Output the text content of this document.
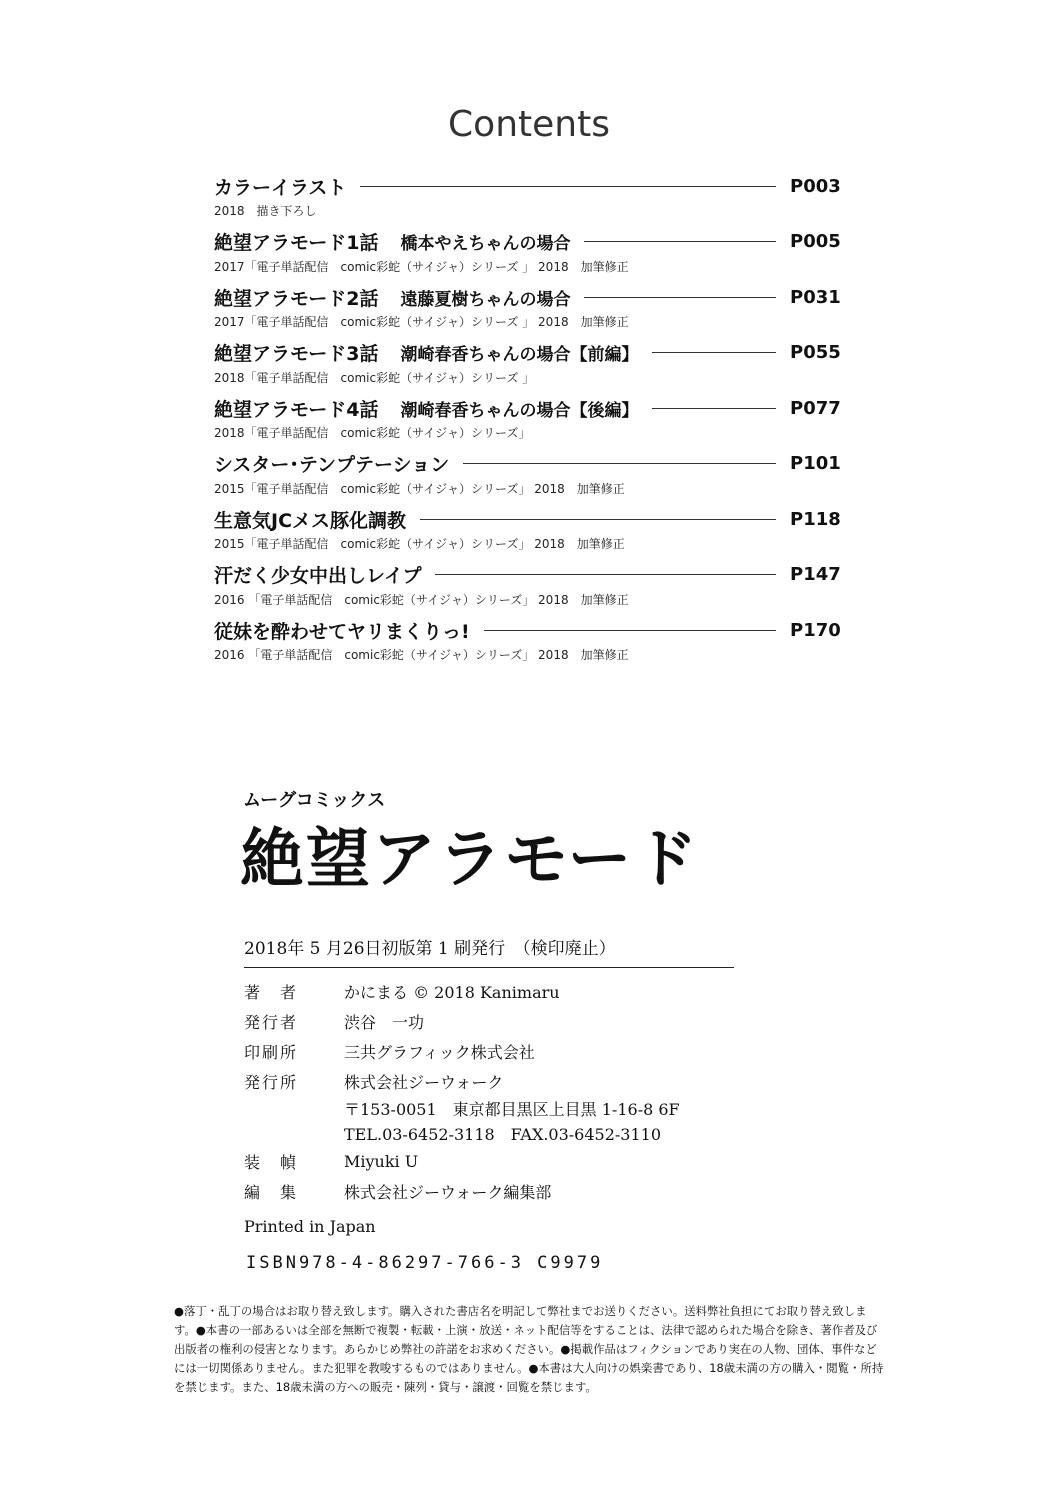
Contents
カラーイラスト	P003
2018　描き下ろし
絶望アラモード1話 橋本やえちゃんの場合	P005
2017「電子単話配信　comic彩蛇（サイジャ）シリーズ 」 2018　加筆修正
絶望アラモード2話 遠藤夏樹ちゃんの場合	P031
2017「電子単話配信　comic彩蛇（サイジャ）シリーズ 」 2018　加筆修正
絶望アラモード3話 潮崎春香ちゃんの場合【前編】	P055
2018「電子単話配信　comic彩蛇（サイジャ）シリーズ 」
絶望アラモード4話 潮崎春香ちゃんの場合【後編】	P077
2018「電子単話配信　comic彩蛇（サイジャ）シリーズ」
シスター･テンプテーション	P101
2015「電子単話配信　comic彩蛇（サイジャ）シリーズ」 2018　加筆修正
生意気JCメス豚化調教	P118
2015「電子単話配信　comic彩蛇（サイジャ）シリーズ」 2018　加筆修正
汗だく少女中出しレイプ	P147
2016 「電子単話配信　comic彩蛇（サイジャ）シリーズ」 2018　加筆修正
従妹を酔わせてヤリまくりっ!	P170
2016 「電子単話配信　comic彩蛇（サイジャ）シリーズ」 2018　加筆修正
ムーグコミックス
絶望アラモード
2018年 5 月26日初版第 1 刷発行　（検印廃止）
著　者	かにまる © 2018 Kanimaru
発行者	渋谷　一功
印刷所	三共グラフィック株式会社
発行所	株式会社ジーウォーク
〒153-0051　東京都目黒区上目黒 1-16-8 6F
TEL.03-6452-3118　FAX.03-6452-3110
装　幀	Miyuki U
編　集	株式会社ジーウォーク編集部
Printed in Japan
ISBN978-4-86297-766-3 C9979
●落丁・乱丁の場合はお取り替え致します。購入された書店名を明記して弊社までお送りください。送料弊社負担にてお取り替え致します。●本書の一部あるいは全部を無断で複製・転載・上演・放送・ネット配信等をすることは、法律で認められた場合を除き、著作者及び出版者の権利の侵害となります。あらかじめ弊社の許諾をお求めください。●掲載作品はフィクションであり実在の人物、団体、事件などには一切関係ありません。また犯罪を教唆するものではありません。●本書は大人向けの娯楽書であり、18歳未満の方の購入・閲覧・所持を禁じます。また、18歳未満の方への販売・陳列・貸与・譲渡・回覧を禁じます。
